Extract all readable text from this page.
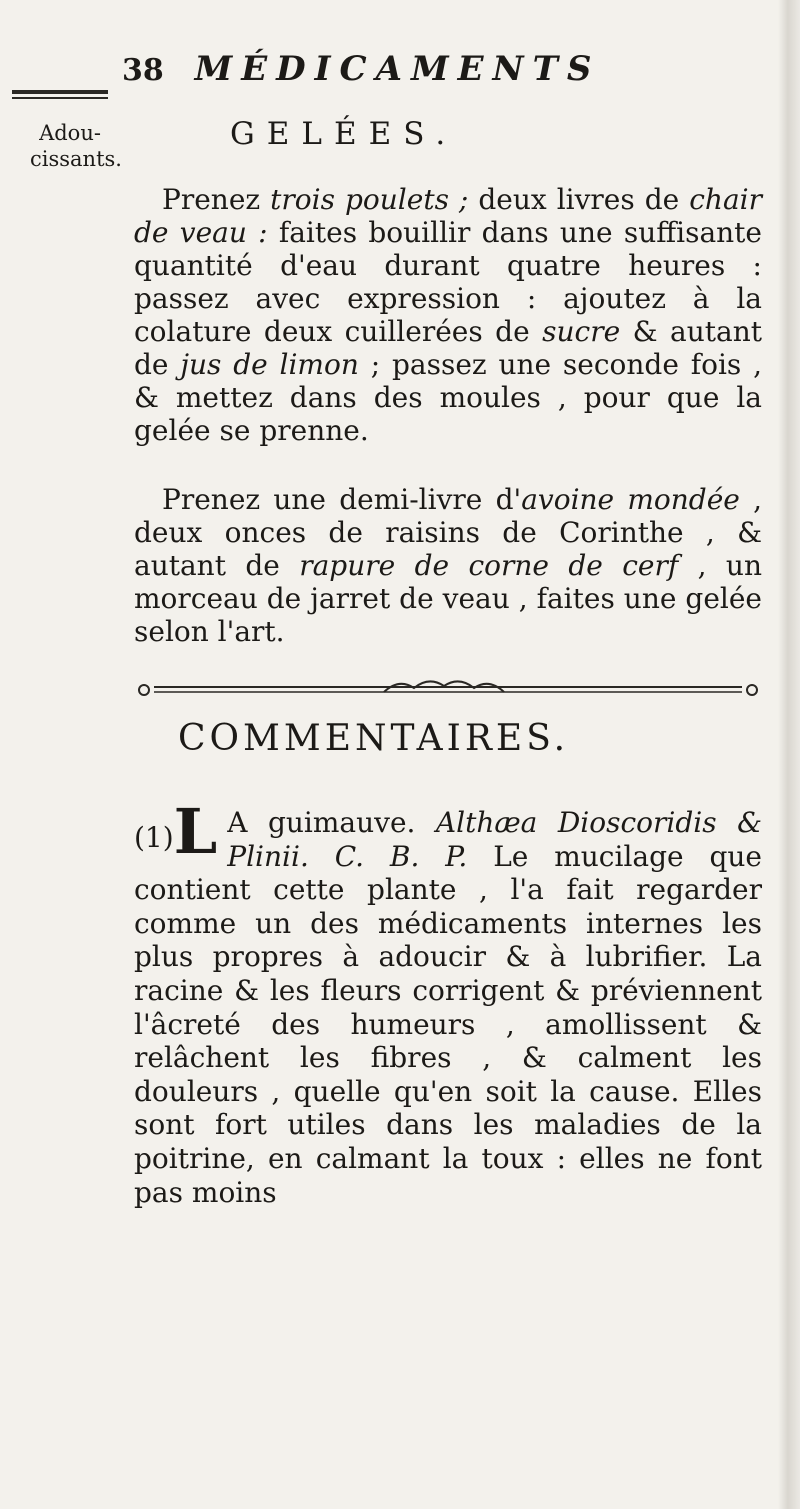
38 MÉDICAMENTS
Adou-cissants.
GELÉES.

Prenez trois poulets ; deux livres de chair de veau : faites bouillir dans une suffisante quantité d'eau durant quatre heures : passez avec expression : ajoutez à la colature deux cuillerées de sucre & autant de jus de limon ; passez une seconde fois , & mettez dans des moules , pour que la gelée se prenne.

Prenez une demi-livre d'avoine mondée , deux onces de raisins de Corinthe , & autant de rapure de corne de cerf , un morceau de jarret de veau , faites une gelée selon l'art.

COMMENTAIRES.
(1)L A guimauve. Althæa Dioscoridis & Plinii. C. B. P. Le mucilage que contient cette plante , l'a fait regarder comme un des médicaments internes les plus propres à adoucir & à lubrifier. La racine & les fleurs corrigent & préviennent l'âcreté des humeurs , amollissent & relâchent les fibres , & calment les douleurs , quelle qu'en soit la cause. Elles sont fort utiles dans les maladies de la poitrine, en calmant la toux : elles ne font pas moins
